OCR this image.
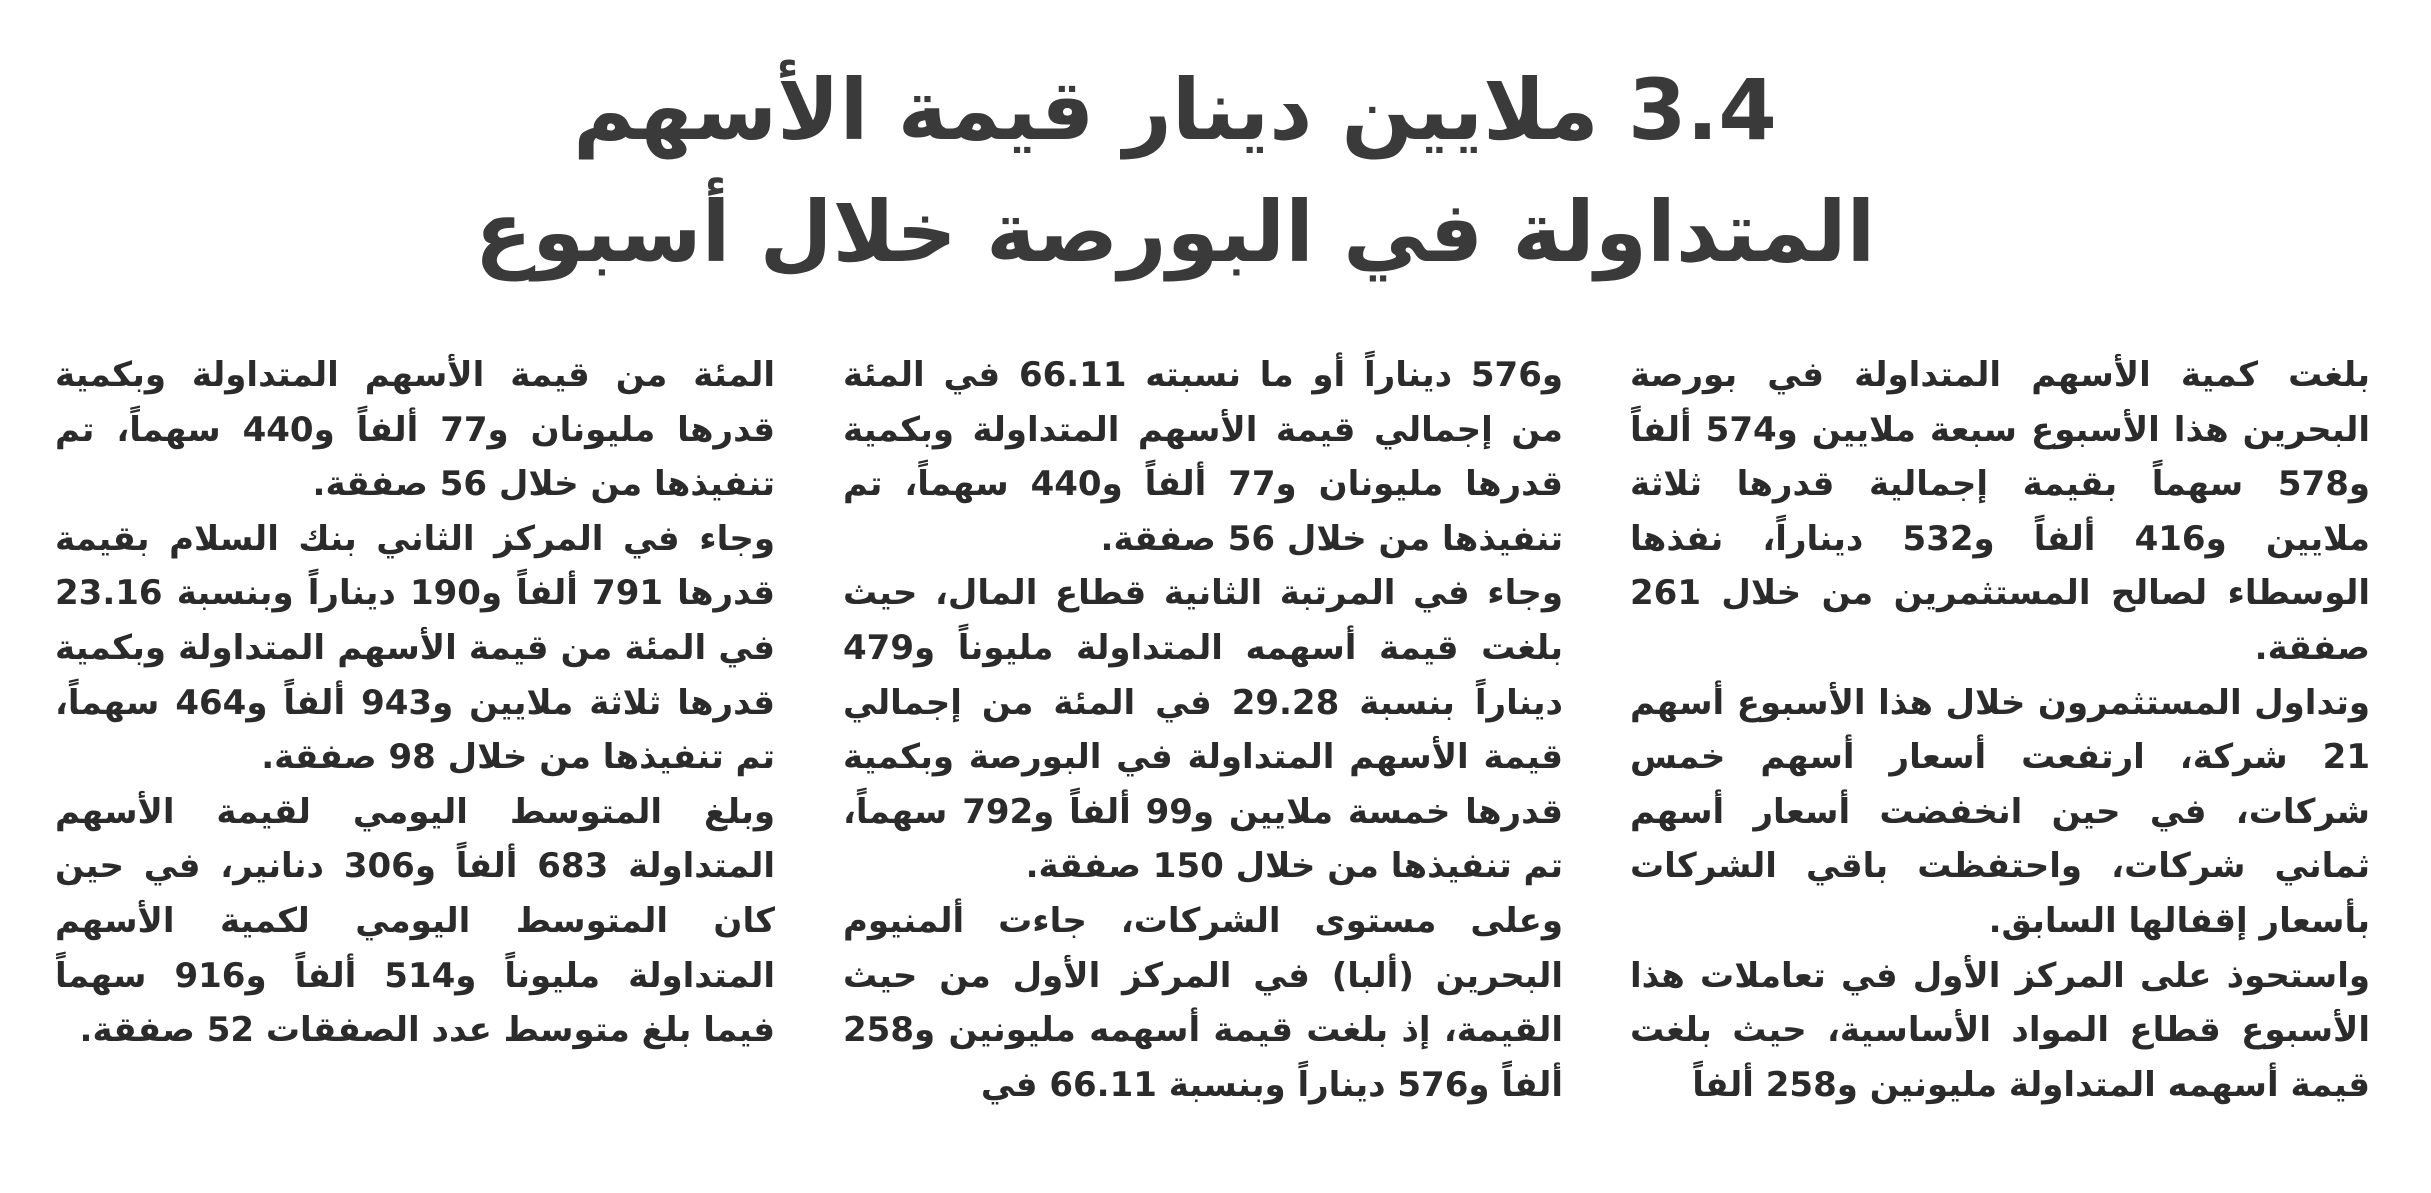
3.4 ملايين دينار قيمة الأسهم
المتداولة في البورصة خلال أسبوع

بلغت كمية الأسهم المتداولة في بورصة البحرين هذا الأسبوع سبعة ملايين و574 ألفاً و578 سهماً بقيمة إجمالية قدرها ثلاثة ملايين و416 ألفاً و532 ديناراً، نفذها الوسطاء لصالح المستثمرين من خلال 261 صفقة.

وتداول المستثمرون خلال هذا الأسبوع أسهم 21 شركة، ارتفعت أسعار أسهم خمس شركات، في حين انخفضت أسعار أسهم ثماني شركات، واحتفظت باقي الشركات بأسعار إقفالها السابق.

واستحوذ على المركز الأول في تعاملات هذا الأسبوع قطاع المواد الأساسية، حيث بلغت قيمة أسهمه المتداولة مليونين و258 ألفاً

و576 ديناراً أو ما نسبته 66.11 في المئة من إجمالي قيمة الأسهم المتداولة وبكمية قدرها مليونان و77 ألفاً و440 سهماً، تم تنفيذها من خلال 56 صفقة.

وجاء في المرتبة الثانية قطاع المال، حيث بلغت قيمة أسهمه المتداولة مليوناً و479 ديناراً بنسبة 29.28 في المئة من إجمالي قيمة الأسهم المتداولة في البورصة وبكمية قدرها خمسة ملايين و99 ألفاً و792 سهماً، تم تنفيذها من خلال 150 صفقة.

وعلى مستوى الشركات، جاءت ألمنيوم البحرين (ألبا) في المركز الأول من حيث القيمة، إذ بلغت قيمة أسهمه مليونين و258 ألفاً و576 ديناراً وبنسبة 66.11 في

المئة من قيمة الأسهم المتداولة وبكمية قدرها مليونان و77 ألفاً و440 سهماً، تم تنفيذها من خلال 56 صفقة.

وجاء في المركز الثاني بنك السلام بقيمة قدرها 791 ألفاً و190 ديناراً وبنسبة 23.16 في المئة من قيمة الأسهم المتداولة وبكمية قدرها ثلاثة ملايين و943 ألفاً و464 سهماً، تم تنفيذها من خلال 98 صفقة.

وبلغ المتوسط اليومي لقيمة الأسهم المتداولة 683 ألفاً و306 دنانير، في حين كان المتوسط اليومي لكمية الأسهم المتداولة مليوناً و514 ألفاً و916 سهماً فيما بلغ متوسط عدد الصفقات 52 صفقة.
